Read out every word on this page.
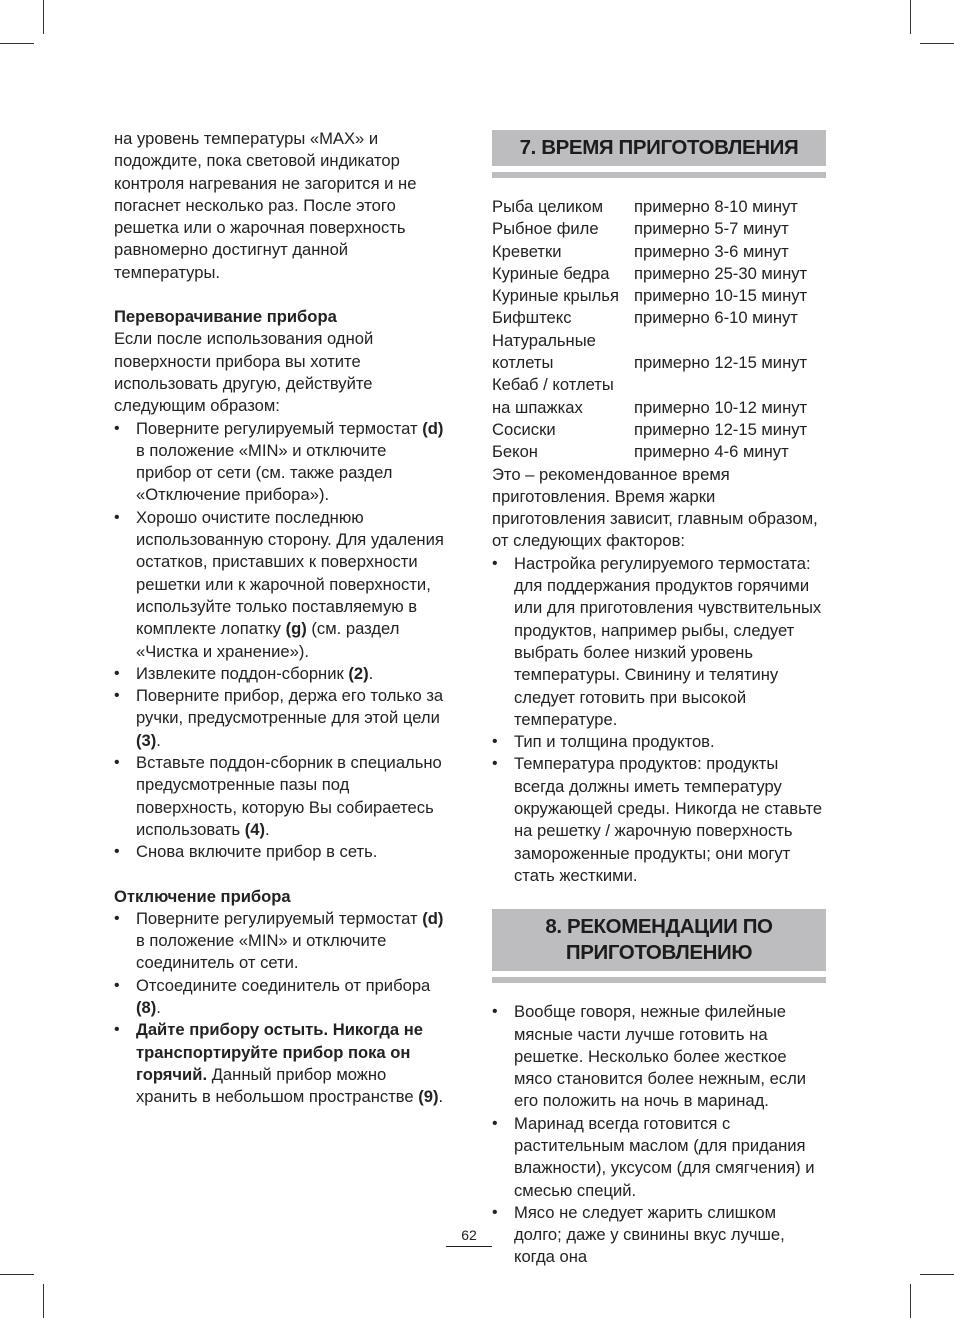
на уровень температуры «MAX» и подождите, пока световой индикатор контроля нагревания не загорится и не погаснет несколько раз. После этого решетка или о жарочная поверхность равномерно достигнут данной температуры.

Переворачивание прибора

Если после использования одной поверхности прибора вы хотите использовать другую, действуйте следующим образом:

• Поверните регулируемый термостат (d) в положение «MIN» и отключите прибор от сети (см. также раздел «Отключение прибора»).
• Хорошо очистите последнюю использованную сторону. Для удаления остатков, приставших к поверхности решетки или к жарочной поверхности, используйте только поставляемую в комплекте лопатку (g) (см. раздел «Чистка и хранение»).
• Извлеките поддон-сборник (2).
• Поверните прибор, держа его только за ручки, предусмотренные для этой цели (3).
• Вставьте поддон-сборник в специально предусмотренные пазы под поверхность, которую Вы собираетесь использовать (4).
• Снова включите прибор в сеть.

Отключение прибора

• Поверните регулируемый термостат (d) в положение «MIN» и отключите соединитель от сети.
• Отсоедините соединитель от прибора (8).
• Дайте прибору остыть. Никогда не транспортируйте прибор пока он горячий. Данный прибор можно хранить в небольшом пространстве (9).
7. ВРЕМЯ ПРИГОТОВЛЕНИЯ
Рыба целиком	примерно 8-10 минут
Рыбное филе	примерно 5-7 минут
Креветки	примерно 3-6 минут
Куриные бедра	примерно 25-30 минут
Куриные крылья	примерно 10-15 минут
Бифштекс	примерно 6-10 минут
Натуральные котлеты	примерно 12-15 минут
Кебаб / котлеты на шпажках	примерно 10-12 минут
Сосиски	примерно 12-15 минут
Бекон	примерно 4-6 минут

Это – рекомендованное время приготовления. Время жарки приготовления зависит, главным образом, от следующих факторов:

• Настройка регулируемого термостата: для поддержания продуктов горячими или для приготовления чувствительных продуктов, например рыбы, следует выбрать более низкий уровень температуры. Свинину и телятину следует готовить при высокой температуре.
• Тип и толщина продуктов.
• Температура продуктов: продукты всегда должны иметь температуру окружающей среды. Никогда не ставьте на решетку / жарочную поверхность замороженные продукты; они могут стать жесткими.
8. РЕКОМЕНДАЦИИ ПО
ПРИГОТОВЛЕНИЮ
• Вообще говоря, нежные филейные мясные части лучше готовить на решетке. Несколько более жесткое мясо становится более нежным, если его положить на ночь в маринад.
• Маринад всегда готовится с растительным маслом (для придания влажности), уксусом (для смягчения) и смесью специй.
• Мясо не следует жарить слишком долго; даже у свинины вкус лучше, когда она
62
